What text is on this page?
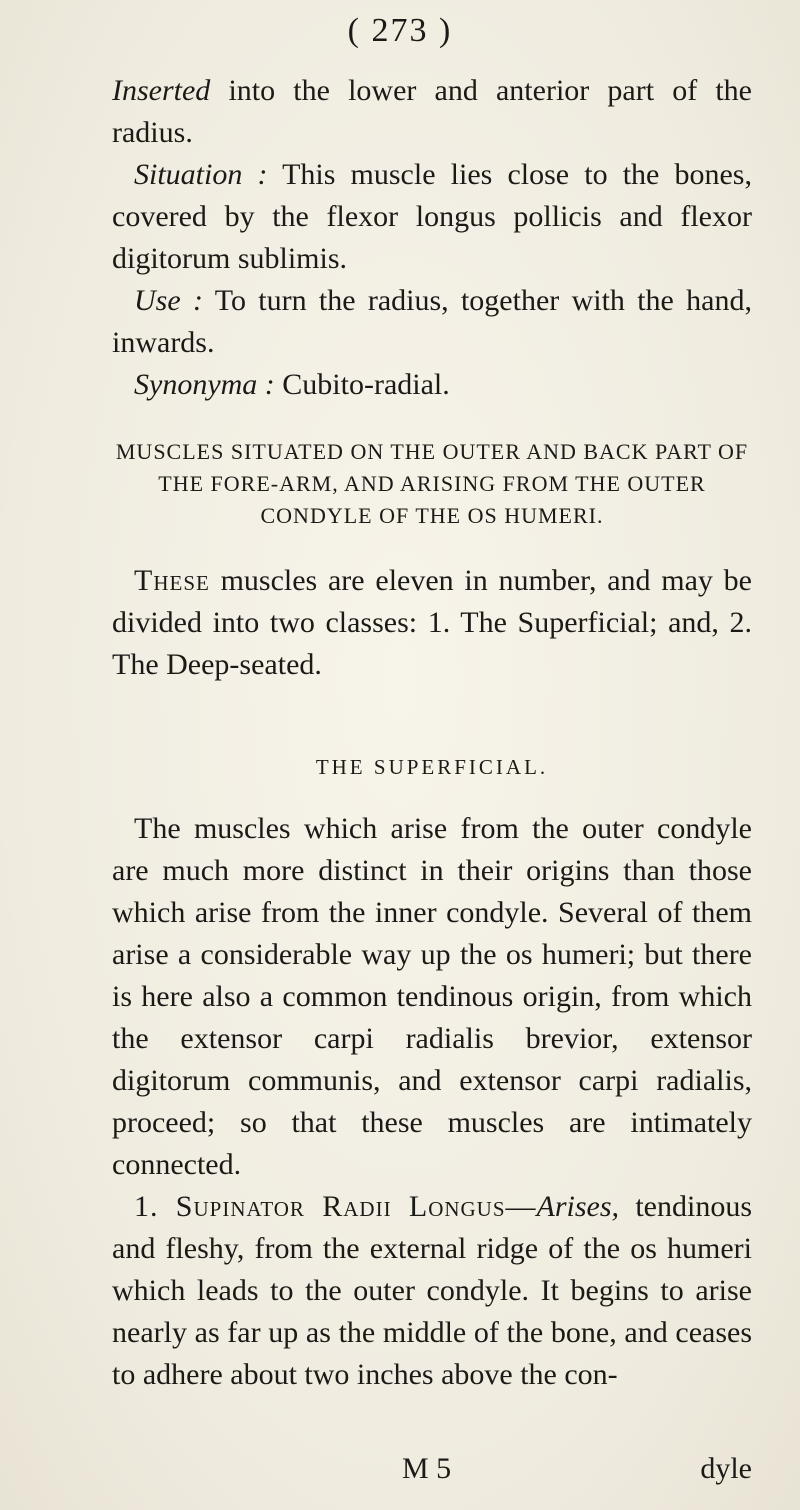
( 273 )

Inserted into the lower and anterior part of the radius.

Situation : This muscle lies close to the bones, covered by the flexor longus pollicis and flexor digitorum sublimis.

Use : To turn the radius, together with the hand, inwards.

Synonyma : Cubito-radial.

MUSCLES SITUATED ON THE OUTER AND BACK PART OF THE FORE-ARM, AND ARISING FROM THE OUTER CONDYLE OF THE OS HUMERI.

These muscles are eleven in number, and may be divided into two classes: 1. The Superficial; and, 2. The Deep-seated.

THE SUPERFICIAL.

The muscles which arise from the outer condyle are much more distinct in their origins than those which arise from the inner condyle. Several of them arise a considerable way up the os humeri; but there is here also a common tendinous origin, from which the extensor carpi radialis brevior, extensor digitorum communis, and extensor carpi radialis, proceed; so that these muscles are intimately connected.

1. Supinator Radii Longus—Arises, tendinous and fleshy, from the external ridge of the os humeri which leads to the outer condyle. It begins to arise nearly as far up as the middle of the bone, and ceases to adhere about two inches above the con-

M 5	dyle
